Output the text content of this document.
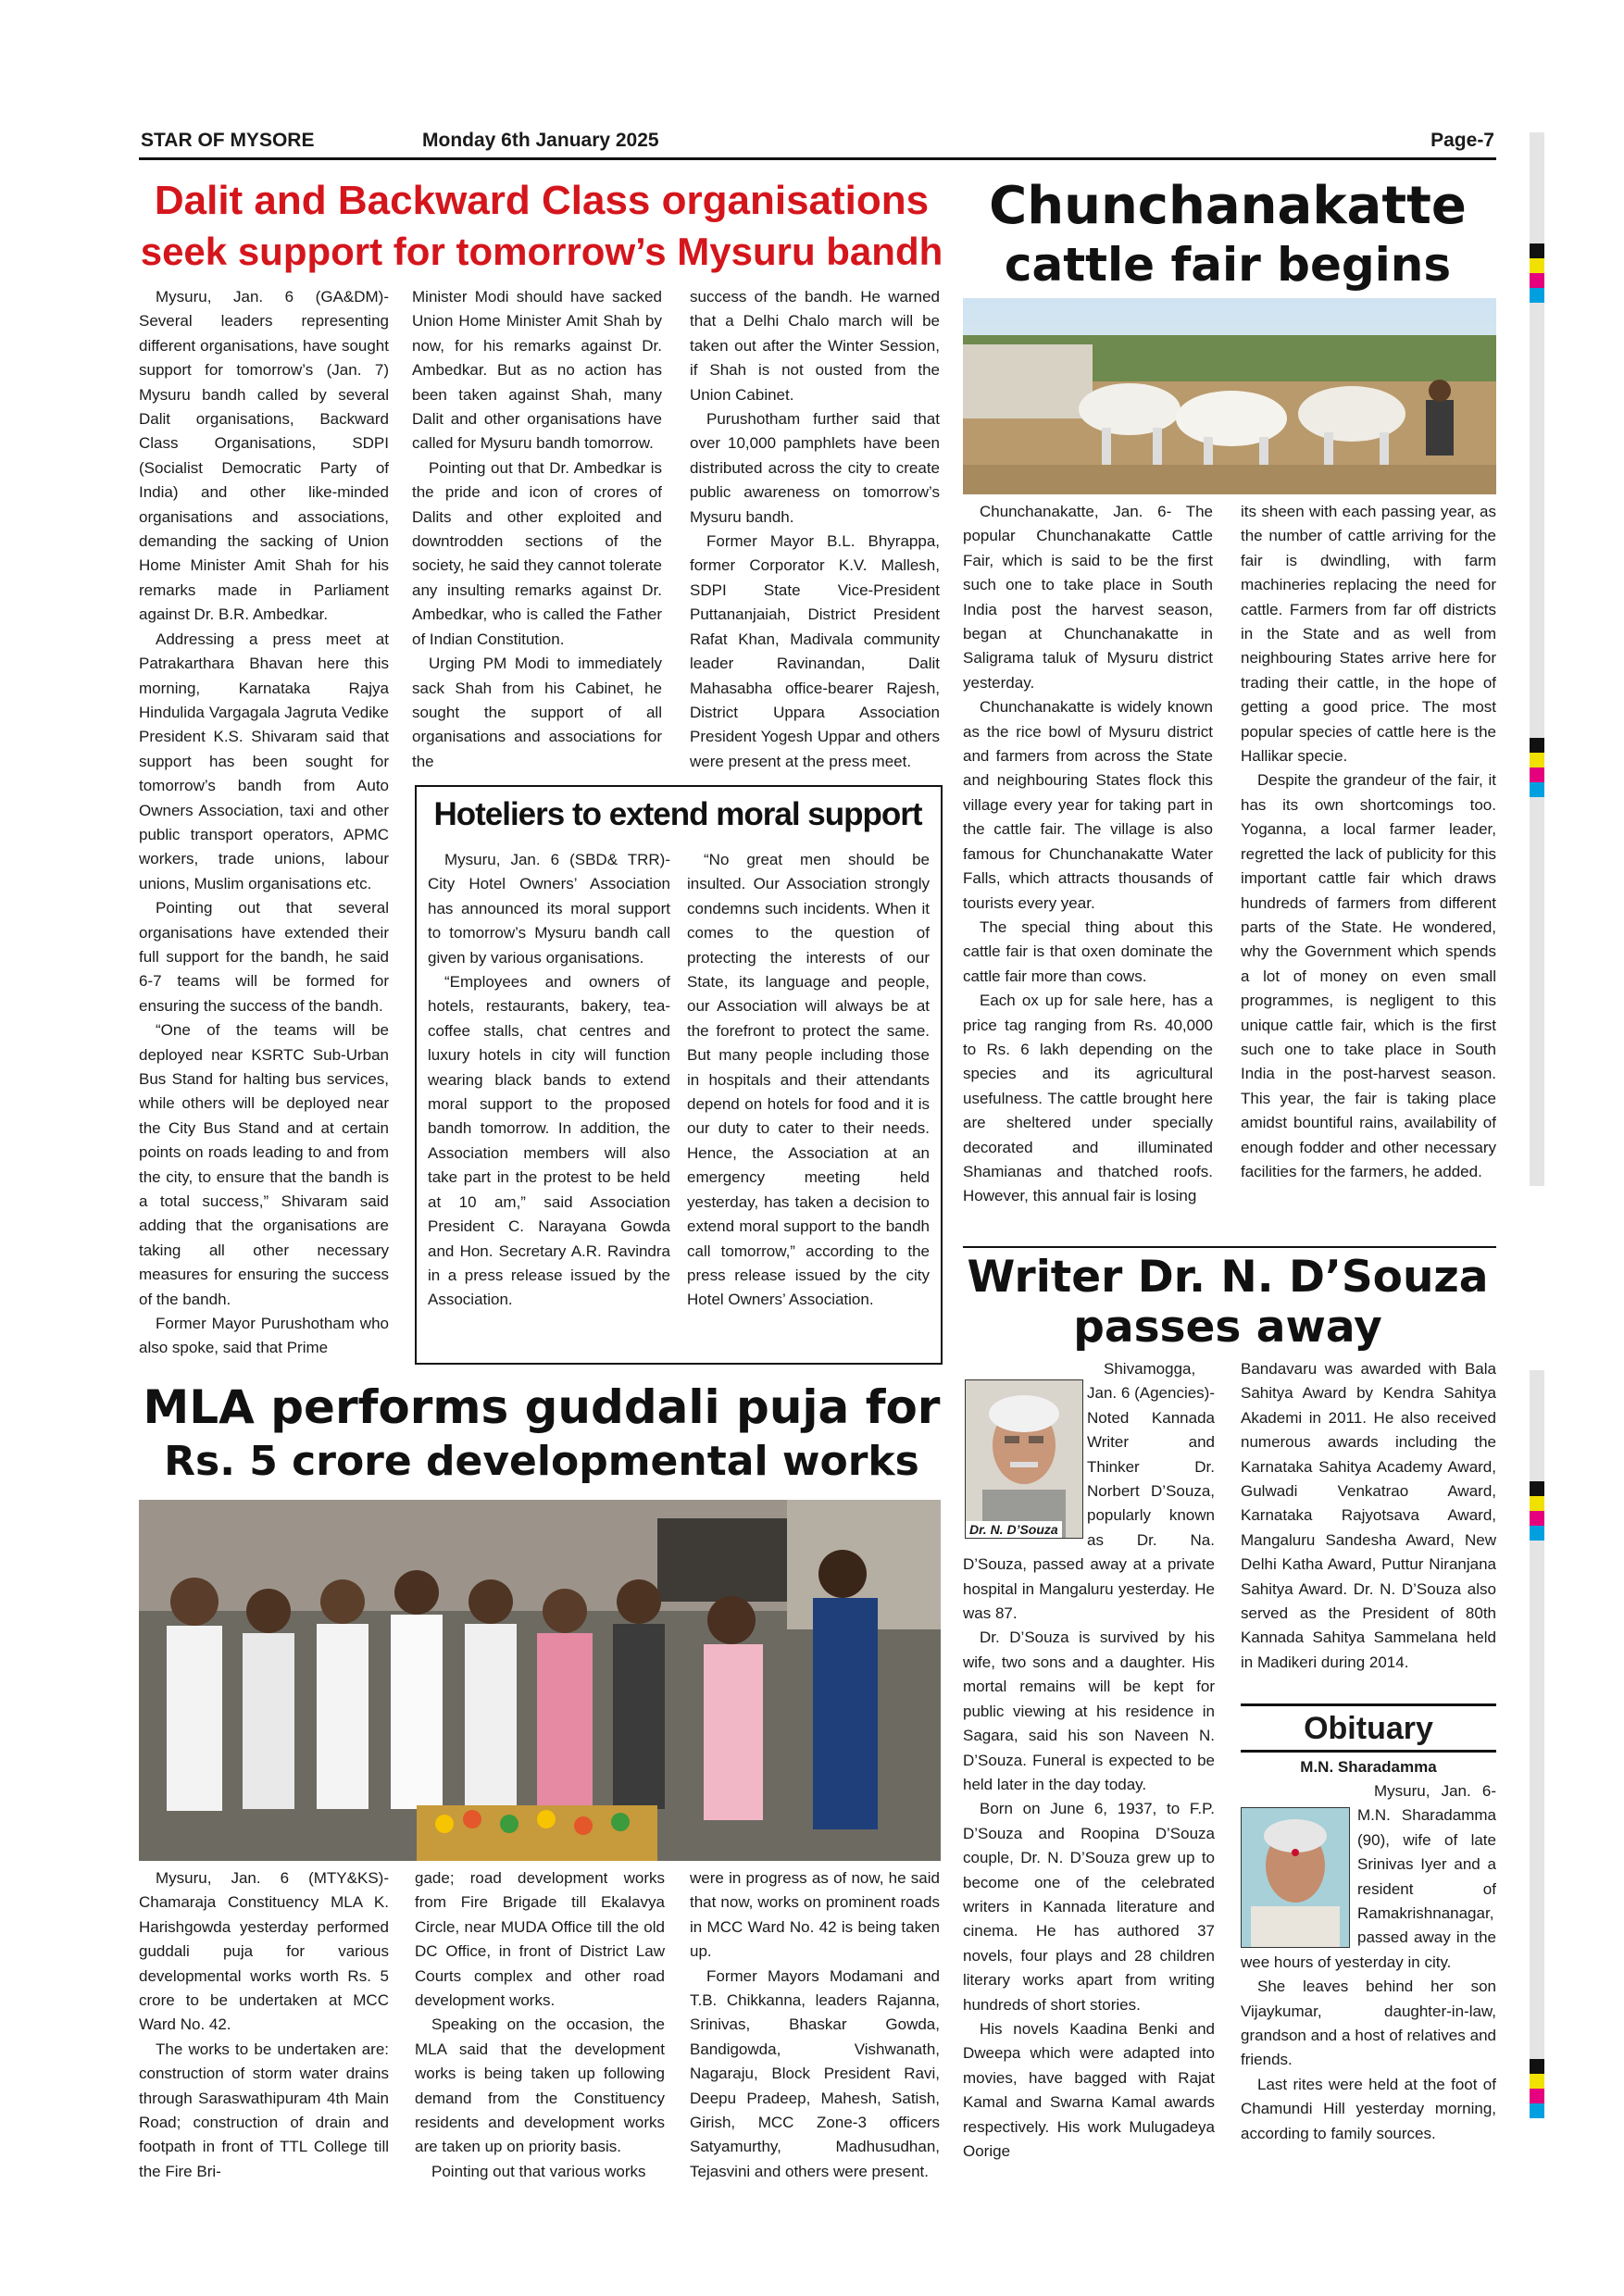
STAR OF MYSORE	Monday 6th January 2025	Page-7
Dalit and Backward Class organisations
seek support for tomorrow’s Mysuru bandh

Mysuru, Jan. 6 (GA&DM)- Several leaders representing different organisations, have sought support for tomorrow’s (Jan. 7) Mysuru bandh called by several Dalit organisations, Backward Class Organisations, SDPI (Socialist Democratic Party of India) and other like-minded organisations and associations, demanding the sacking of Union Home Minister Amit Shah for his remarks made in Parliament against Dr. B.R. Ambedkar.

Addressing a press meet at Patrakarthara Bhavan here this morning, Karnataka Rajya Hindulida Vargagala Jagruta Vedike President K.S. Shivaram said that support has been sought for tomorrow’s bandh from Auto Owners Association, taxi and other public transport operators, APMC workers, trade unions, labour unions, Muslim organisations etc.

Pointing out that several organisations have extended their full support for the bandh, he said 6-7 teams will be formed for ensuring the success of the bandh.

“One of the teams will be deployed near KSRTC Sub-Urban Bus Stand for halting bus services, while others will be deployed near the City Bus Stand and at certain points on roads leading to and from the city, to ensure that the bandh is a total success,” Shivaram said adding that the organisations are taking all other necessary measures for ensuring the success of the bandh.

Former Mayor Purushotham who also spoke, said that Prime

Minister Modi should have sacked Union Home Minister Amit Shah by now, for his remarks against Dr. Ambedkar. But as no action has been taken against Shah, many Dalit and other organisations have called for Mysuru bandh tomorrow.

Pointing out that Dr. Ambedkar is the pride and icon of crores of Dalits and other exploited and downtrodden sections of the society, he said they cannot tolerate any insulting remarks against Dr. Ambedkar, who is called the Father of Indian Constitution.

Urging PM Modi to immediately sack Shah from his Cabinet, he sought the support of all organisations and associations for the

success of the bandh. He warned that a Delhi Chalo march will be taken out after the Winter Session, if Shah is not ousted from the Union Cabinet.

Purushotham further said that over 10,000 pamphlets have been distributed across the city to create public awareness on tomorrow’s Mysuru bandh.

Former Mayor B.L. Bhyrappa, former Corporator K.V. Mallesh, SDPI State Vice-President Puttananjaiah, District President Rafat Khan, Madivala community leader Ravinandan, Dalit Mahasabha office-bearer Rajesh, District Uppara Association President Yogesh Uppar and others were present at the press meet.

Hoteliers to extend moral support

Mysuru, Jan. 6 (SBD& TRR)- City Hotel Owners’ Association has announced its moral support to tomorrow’s Mysuru bandh call given by various organisations.

“Employees and owners of hotels, restaurants, bakery, tea-coffee stalls, chat centres and luxury hotels in city will function wearing black bands to extend moral support to the proposed bandh tomorrow. In addition, the Association members will also take part in the protest to be held at 10 am,” said Association President C. Narayana Gowda and Hon. Secretary A.R. Ravindra in a press release issued by the Association.

“No great men should be insulted. Our Association strongly condemns such incidents. When it comes to the question of protecting the interests of our State, its language and people, our Association will always be at the forefront to protect the same. But many people including those in hospitals and their attendants depend on hotels for food and it is our duty to cater to their needs. Hence, the Association at an emergency meeting held yesterday, has taken a decision to extend moral support to the bandh call tomorrow,” according to the press release issued by the city Hotel Owners’ Association.

Chunchanakatte
cattle fair begins

Chunchanakatte, Jan. 6- The popular Chunchanakatte Cattle Fair, which is said to be the first such one to take place in South India post the harvest season, began at Chunchanakatte in Saligrama taluk of Mysuru district yesterday.

Chunchanakatte is widely known as the rice bowl of Mysuru district and farmers from across the State and neighbouring States flock this village every year for taking part in the cattle fair. The village is also famous for Chunchanakatte Water Falls, which attracts thousands of tourists every year.

The special thing about this cattle fair is that oxen dominate the cattle fair more than cows.

Each ox up for sale here, has a price tag ranging from Rs. 40,000 to Rs. 6 lakh depending on the species and its agricultural usefulness. The cattle brought here are sheltered under specially decorated and illuminated Shamianas and thatched roofs. However, this annual fair is losing

its sheen with each passing year, as the number of cattle arriving for the fair is dwindling, with farm machineries replacing the need for cattle. Farmers from far off districts in the State and as well from neighbouring States arrive here for trading their cattle, in the hope of getting a good price. The most popular species of cattle here is the Hallikar specie.

Despite the grandeur of the fair, it has its own shortcomings too. Yoganna, a local farmer leader, regretted the lack of publicity for this important cattle fair which draws hundreds of farmers from different parts of the State. He wondered, why the Government which spends a lot of money on even small programmes, is negligent to this unique cattle fair, which is the first such one to take place in South India in the post-harvest season. This year, the fair is taking place amidst bountiful rains, availability of enough fodder and other necessary facilities for the farmers, he added.

MLA performs guddali puja for
Rs. 5 crore developmental works

Mysuru, Jan. 6 (MTY&KS)- Chamaraja Constituency MLA K. Harishgowda yesterday performed guddali puja for various developmental works worth Rs. 5 crore to be undertaken at MCC Ward No. 42.

The works to be undertaken are: construction of storm water drains through Saraswathipuram 4th Main Road; construction of drain and footpath in front of TTL College till the Fire Bri-

gade; road development works from Fire Brigade till Ekalavya Circle, near MUDA Office till the old DC Office, in front of District Law Courts complex and other road development works.

Speaking on the occasion, the MLA said that the development works is being taken up following demand from the Constituency residents and development works are taken up on priority basis.

Pointing out that various works

were in progress as of now, he said that now, works on prominent roads in MCC Ward No. 42 is being taken up.

Former Mayors Modamani and T.B. Chikkanna, leaders Rajanna, Srinivas, Bhaskar Gowda, Bandigowda, Vishwanath, Nagaraju, Block President Ravi, Deepu Pradeep, Mahesh, Satish, Girish, MCC Zone-3 officers Satyamurthy, Madhusudhan, Tejasvini and others were present.

Writer Dr. N. D’Souza
passes away
Dr. N. D’Souza

Shivamogga, Jan. 6 (Agencies)- Noted Kannada Writer and Thinker Dr. Norbert D’Souza, popularly known as Dr. Na. D’Souza, passed away at a private hospital in Mangaluru yesterday. He was 87.

Dr. D’Souza is survived by his wife, two sons and a daughter. His mortal remains will be kept for public viewing at his residence in Sagara, said his son Naveen N. D’Souza. Funeral is expected to be held later in the day today.

Born on June 6, 1937, to F.P. D’Souza and Roopina D’Souza couple, Dr. N. D’Souza grew up to become one of the celebrated writers in Kannada literature and cinema. He has authored 37 novels, four plays and 28 children literary works apart from writing hundreds of short stories.

His novels Kaadina Benki and Dweepa which were adapted into movies, have bagged with Rajat Kamal and Swarna Kamal awards respectively. His work Mulugadeya Oorige

Bandavaru was awarded with Bala Sahitya Award by Kendra Sahitya Akademi in 2011. He also received numerous awards including the Karnataka Sahitya Academy Award, Gulwadi Venkatrao Award, Karnataka Rajyotsava Award, Mangaluru Sandesha Award, New Delhi Katha Award, Puttur Niranjana Sahitya Award. Dr. N. D’Souza also served as the President of 80th Kannada Sahitya Sammelana held in Madikeri during 2014.

Obituary
M.N. Sharadamma

Mysuru, Jan. 6- M.N. Sharadamma (90), wife of late Srinivas Iyer and a resident of Ramakrishnanagar, passed away in the wee hours of yesterday in city.

She leaves behind her son Vijaykumar, daughter-in-law, grandson and a host of relatives and friends.

Last rites were held at the foot of Chamundi Hill yesterday morning, according to family sources.
